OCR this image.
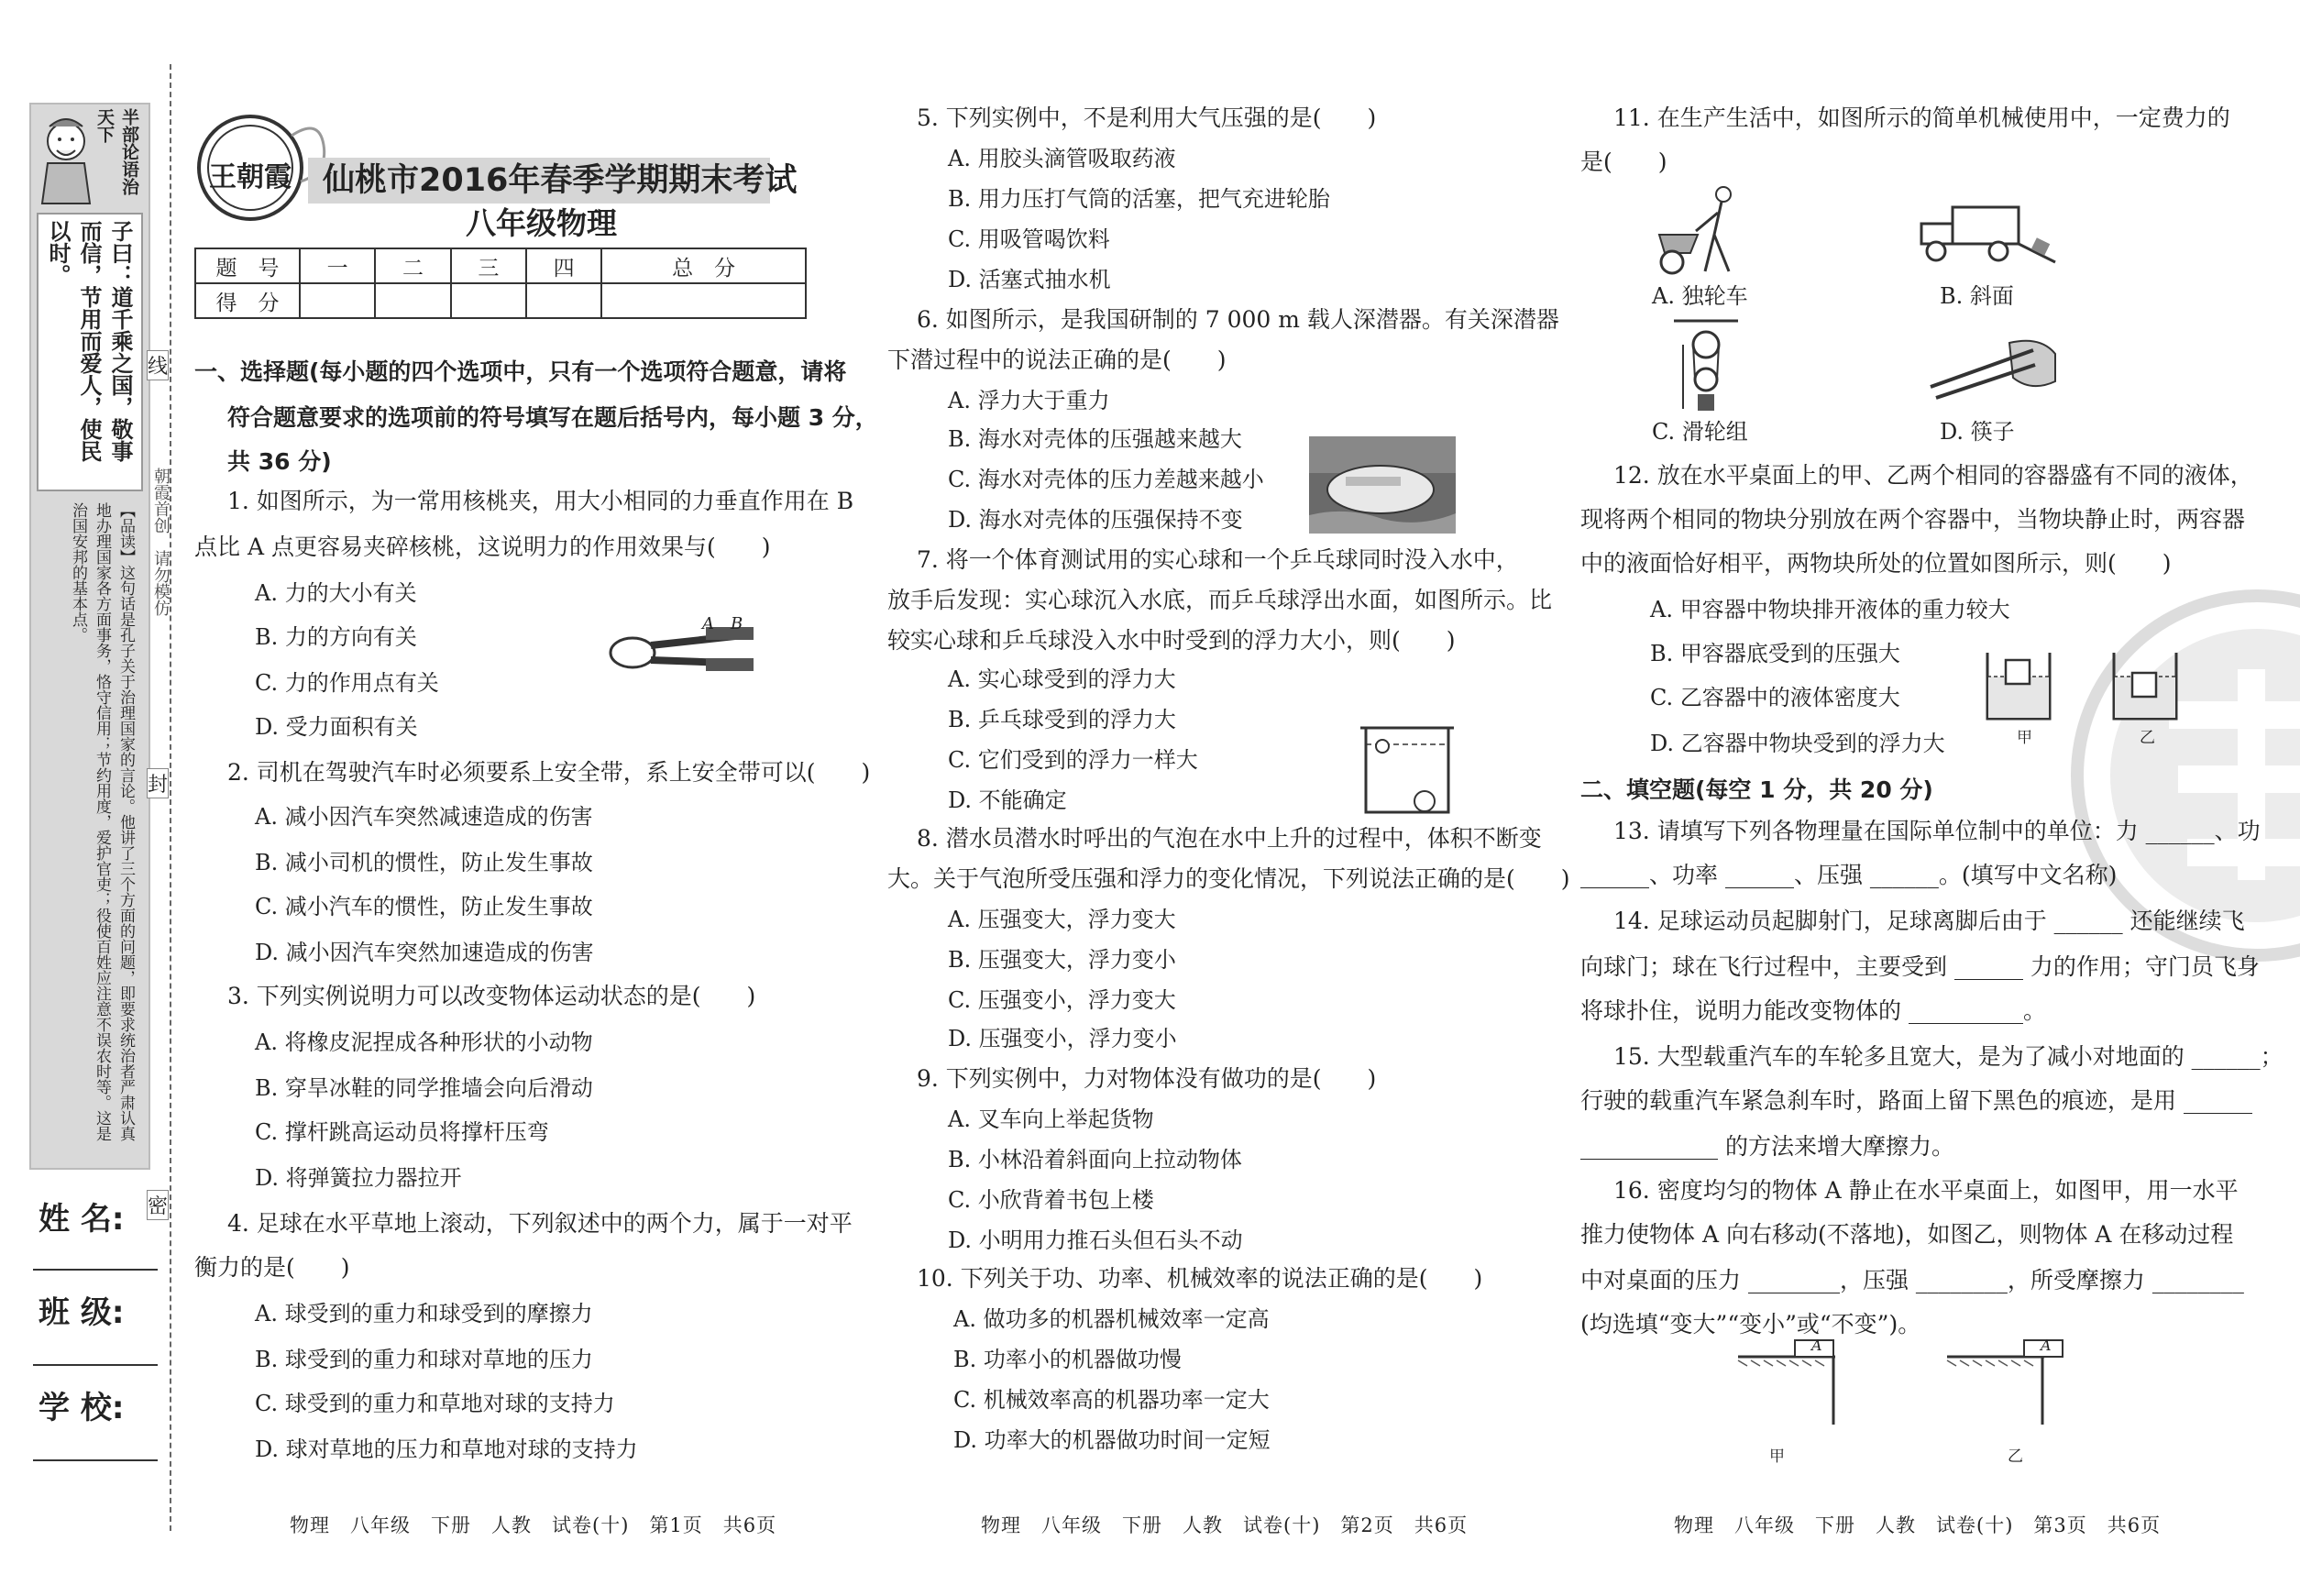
半部论语治天下
子曰：道千乘之国，敬事而信，节用而爱人，使民以时。
【品读】这句话是孔子关于治理国家的言论。他讲了三个方面的问题，即要求统治者严肃认真地办理国家各方面事务，恪守信用；节约用度，爱护官吏；役使百姓应注意不误农时等。这是治国安邦的基本点。
线
朝霞首创　请勿模仿
封
密
姓 名:
班 级:
学 校:
王朝霞 仙桃市2016年春季学期期末考试
八年级物理
题　号	一	二	三	四	总　分
得　分					
一、选择题(每小题的四个选项中，只有一个选项符合题意，请将
符合题意要求的选项前的符号填写在题后括号内，每小题 3 分，
共 36 分)
1. 如图所示，为一常用核桃夹，用大小相同的力垂直作用在 B
点比 A 点更容易夹碎核桃，这说明力的作用效果与(　　)
A. 力的大小有关
B. 力的方向有关
C. 力的作用点有关
D. 受力面积有关
A　B
2. 司机在驾驶汽车时必须要系上安全带，系上安全带可以(　　)
A. 减小因汽车突然减速造成的伤害
B. 减小司机的惯性，防止发生事故
C. 减小汽车的惯性，防止发生事故
D. 减小因汽车突然加速造成的伤害
3. 下列实例说明力可以改变物体运动状态的是(　　)
A. 将橡皮泥捏成各种形状的小动物
B. 穿旱冰鞋的同学推墙会向后滑动
C. 撑杆跳高运动员将撑杆压弯
D. 将弹簧拉力器拉开
4. 足球在水平草地上滚动，下列叙述中的两个力，属于一对平
衡力的是(　　)
A. 球受到的重力和球受到的摩擦力
B. 球受到的重力和球对草地的压力
C. 球受到的重力和草地对球的支持力
D. 球对草地的压力和草地对球的支持力
物理　八年级　下册　人教　试卷(十)　第1页　共6页
5. 下列实例中，不是利用大气压强的是(　　)
A. 用胶头滴管吸取药液
B. 用力压打气筒的活塞，把气充进轮胎
C. 用吸管喝饮料
D. 活塞式抽水机
6. 如图所示，是我国研制的 7 000 m 载人深潜器。有关深潜器
下潜过程中的说法正确的是(　　)
A. 浮力大于重力
B. 海水对壳体的压强越来越大
C. 海水对壳体的压力差越来越小
D. 海水对壳体的压强保持不变
7. 将一个体育测试用的实心球和一个乒乓球同时没入水中，
放手后发现：实心球沉入水底，而乒乓球浮出水面，如图所示。比
较实心球和乒乓球没入水中时受到的浮力大小，则(　　)
A. 实心球受到的浮力大
B. 乒乓球受到的浮力大
C. 它们受到的浮力一样大
D. 不能确定
8. 潜水员潜水时呼出的气泡在水中上升的过程中，体积不断变
大。关于气泡所受压强和浮力的变化情况，下列说法正确的是(　　)
A. 压强变大，浮力变大
B. 压强变大，浮力变小
C. 压强变小，浮力变大
D. 压强变小，浮力变小
9. 下列实例中，力对物体没有做功的是(　　)
A. 叉车向上举起货物
B. 小林沿着斜面向上拉动物体
C. 小欣背着书包上楼
D. 小明用力推石头但石头不动
10. 下列关于功、功率、机械效率的说法正确的是(　　)
A. 做功多的机器机械效率一定高
B. 功率小的机器做功慢
C. 机械效率高的机器功率一定大
D. 功率大的机器做功时间一定短
物理　八年级　下册　人教　试卷(十)　第2页　共6页
11. 在生产生活中，如图所示的简单机械使用中，一定费力的
是(　　)
A. 独轮车	B. 斜面
C. 滑轮组	D. 筷子
12. 放在水平桌面上的甲、乙两个相同的容器盛有不同的液体，
现将两个相同的物块分别放在两个容器中，当物块静止时，两容器
中的液面恰好相平，两物块所处的位置如图所示，则(　　)
A. 甲容器中物块排开液体的重力较大
B. 甲容器底受到的压强大
C. 乙容器中的液体密度大
D. 乙容器中物块受到的浮力大	甲	乙
二、填空题(每空 1 分，共 20 分)
13. 请填写下列各物理量在国际单位制中的单位：力 ______、功
______、功率 ______、压强 ______。(填写中文名称)
14. 足球运动员起脚射门，足球离脚后由于 ______ 还能继续飞
向球门；球在飞行过程中，主要受到 ______ 力的作用；守门员飞身
将球扑住，说明力能改变物体的 __________。
15. 大型载重汽车的车轮多且宽大，是为了减小对地面的 ______；
行驶的载重汽车紧急刹车时，路面上留下黑色的痕迹，是用 ______
____________ 的方法来增大摩擦力。
16. 密度均匀的物体 A 静止在水平桌面上，如图甲，用一水平
推力使物体 A 向右移动(不落地)，如图乙，则物体 A 在移动过程
中对桌面的压力 ________，压强 ________，所受摩擦力 ________
(均选填“变大”“变小”或“不变”)。
A
甲
A
乙
物理　八年级　下册　人教　试卷(十)　第3页　共6页
